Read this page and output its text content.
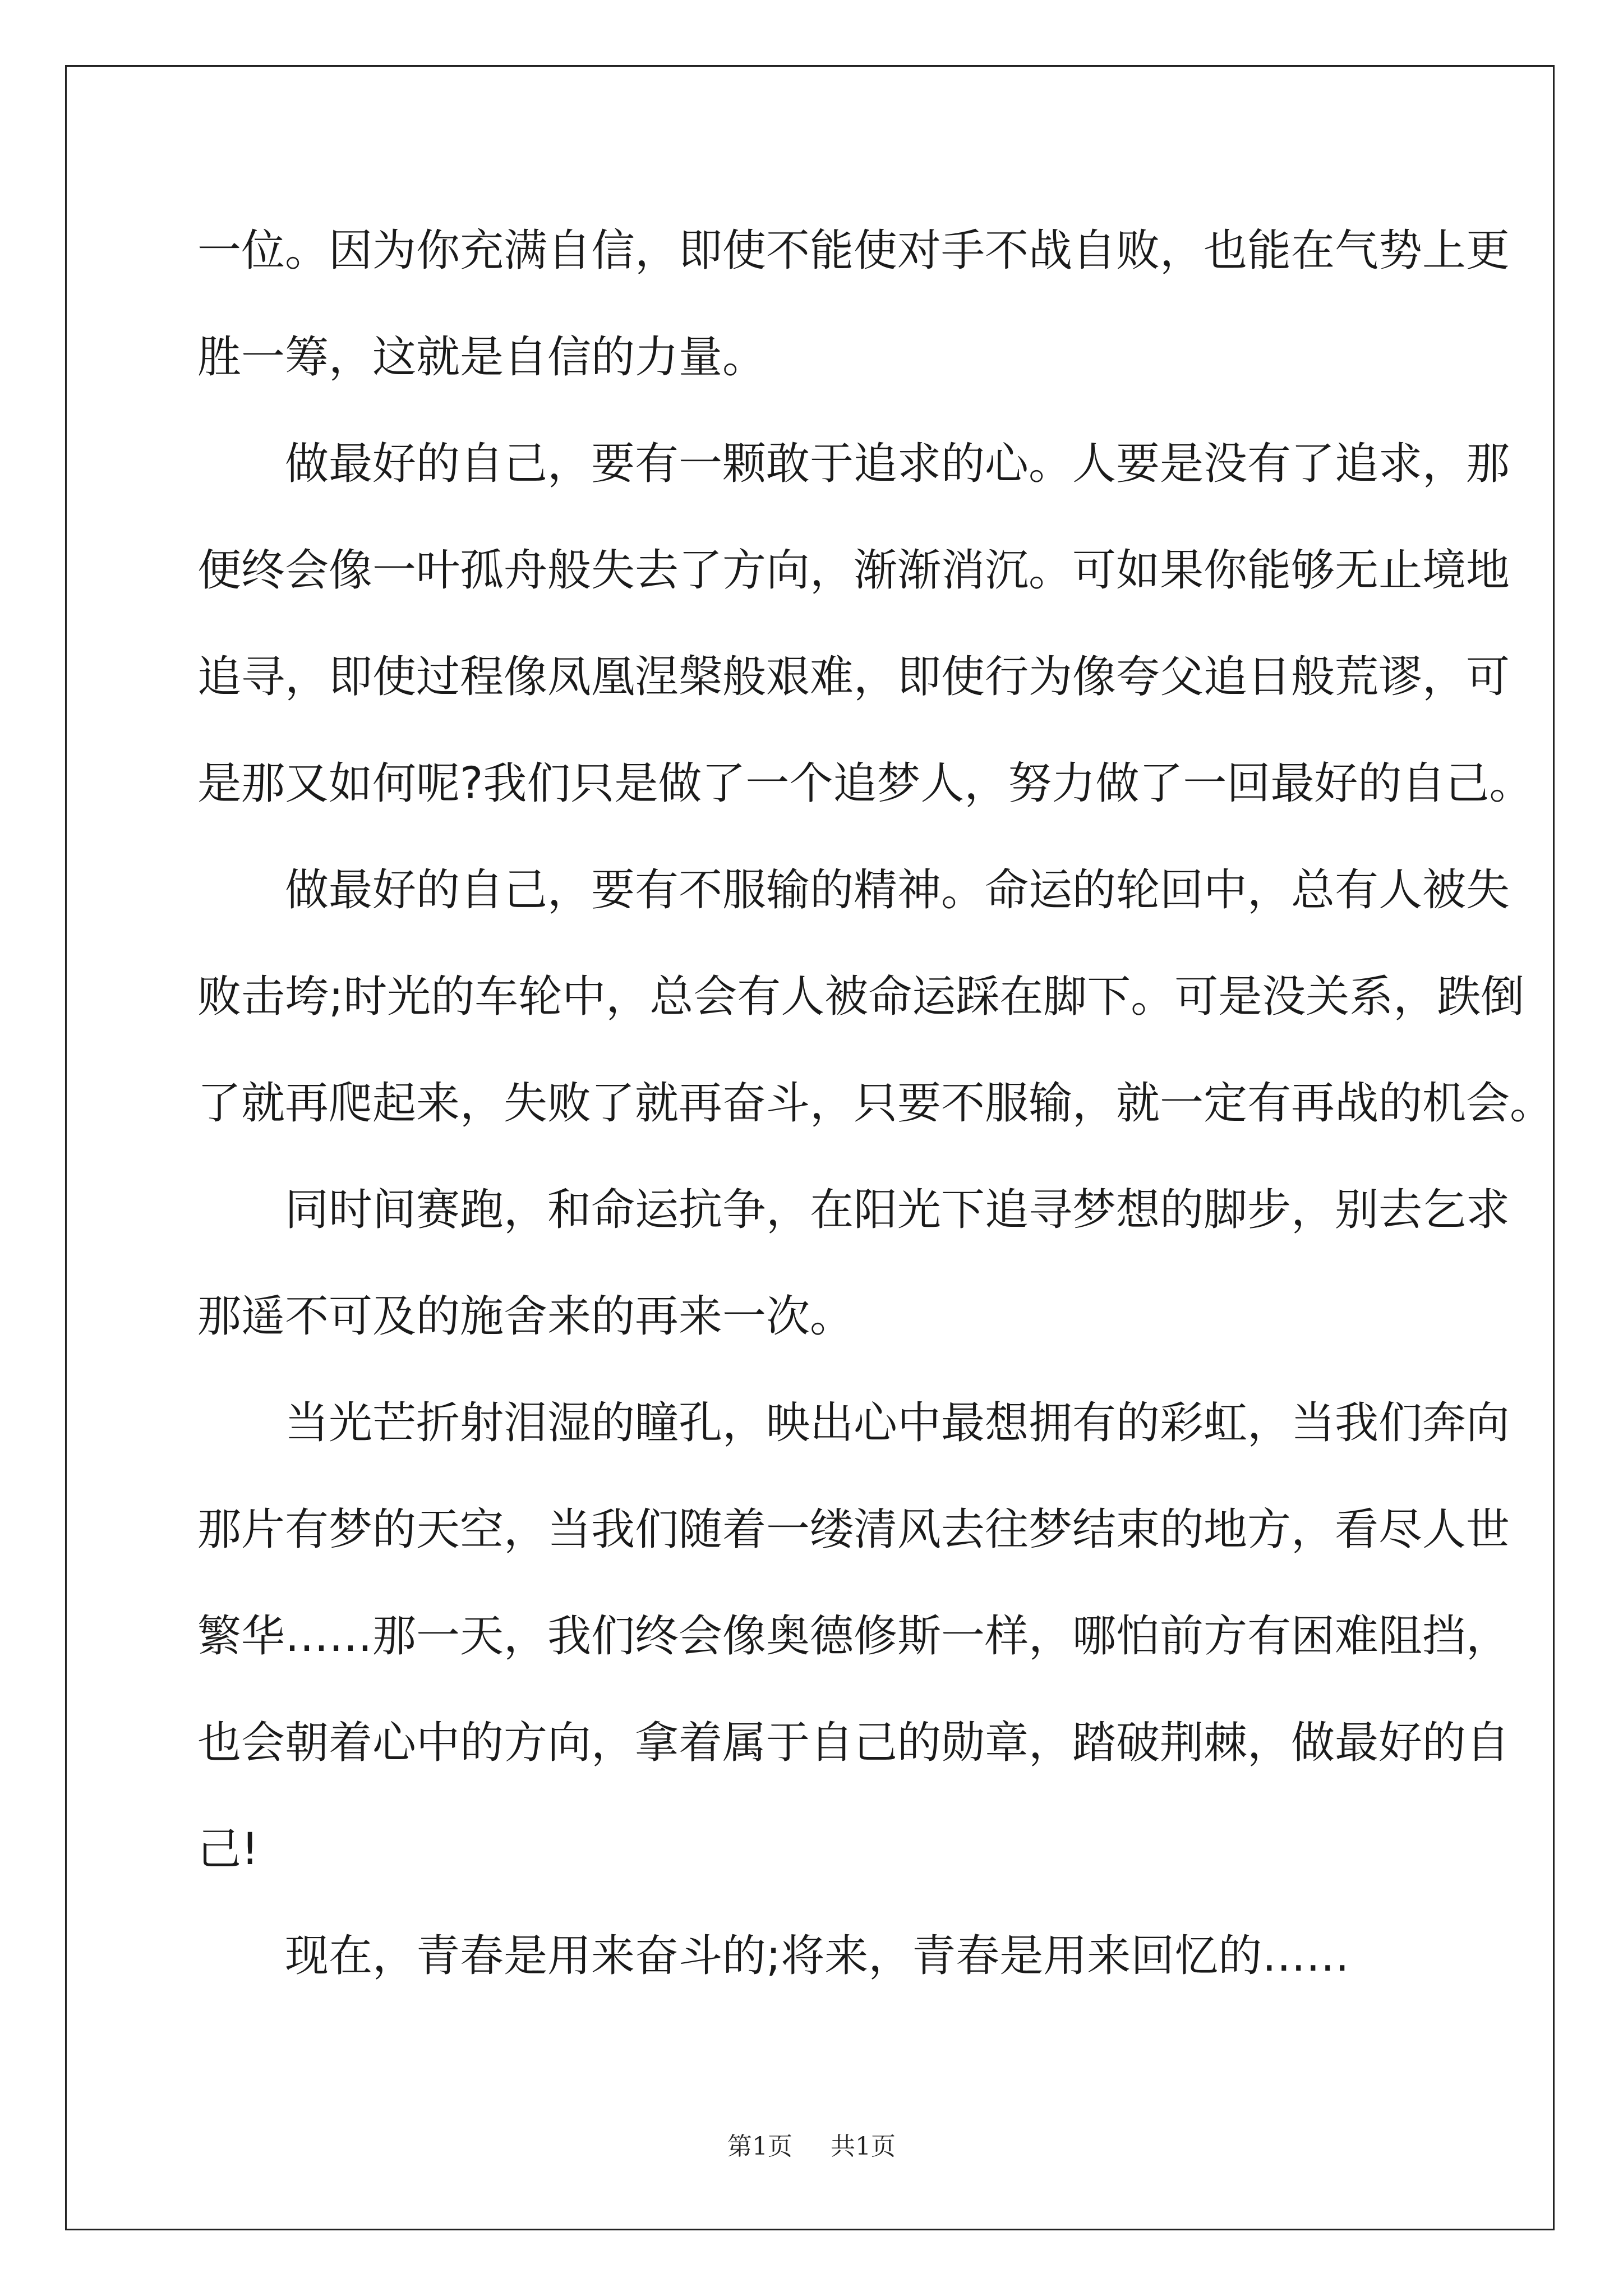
一位。因为你充满自信，即使不能使对手不战自败，也能在气势上更

胜一筹，这就是自信的力量。

　　做最好的自己，要有一颗敢于追求的心。人要是没有了追求，那

便终会像一叶孤舟般失去了方向，渐渐消沉。可如果你能够无止境地

追寻，即使过程像凤凰涅槃般艰难，即使行为像夸父追日般荒谬，可

是那又如何呢?我们只是做了一个追梦人，努力做了一回最好的自己。

　　做最好的自己，要有不服输的精神。命运的轮回中，总有人被失

败击垮;时光的车轮中，总会有人被命运踩在脚下。可是没关系，跌倒

了就再爬起来，失败了就再奋斗，只要不服输，就一定有再战的机会。

　　同时间赛跑，和命运抗争，在阳光下追寻梦想的脚步，别去乞求

那遥不可及的施舍来的再来一次。

　　当光芒折射泪湿的瞳孔，映出心中最想拥有的彩虹，当我们奔向

那片有梦的天空，当我们随着一缕清风去往梦结束的地方，看尽人世

繁华……那一天，我们终会像奥德修斯一样，哪怕前方有困难阻挡，

也会朝着心中的方向，拿着属于自己的勋章，踏破荆棘，做最好的自

己!

　　现在，青春是用来奋斗的;将来，青春是用来回忆的……

第1页 共1页
